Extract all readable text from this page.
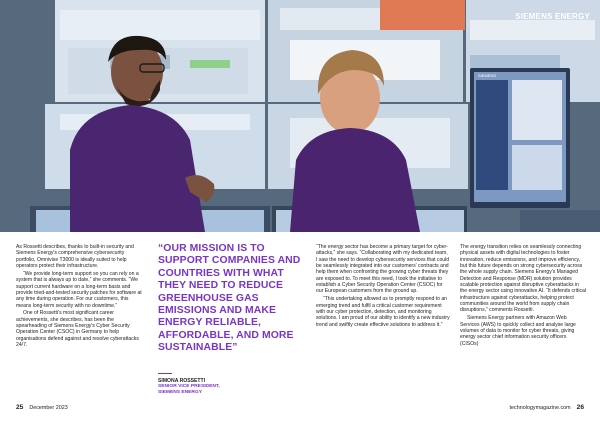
SIEMENS
SIEMENS ENERGY

As Rossetti describes, thanks to built-in security and Siemens Energy's comprehensive cybersecurity portfolio, Omnivise T3000 is ideally suited to help operators protect their infrastructure.

“We provide long-term support so you can rely on a system that is always up to date,” she comments. “We support current hardware on a long-term basis and provide tried-and-tested security patches for software at any time during operation. For our customers, this means long-term security with no downtime.”

One of Rossetti's most significant career achievements, she describes, has been the spearheading of Siemens Energy's Cyber Security Operation Center (CSOC) in Germany to help organisations defend against and resolve cyberattacks 24/7.

“OUR MISSION IS TO SUPPORT COMPANIES AND COUNTRIES WITH WHAT THEY NEED TO REDUCE GREENHOUSE GAS EMISSIONS AND MAKE ENERGY RELIABLE, AFFORDABLE, AND MORE SUSTAINABLE”
SIMONA ROSSETTI
SENIOR VICE PRESIDENT, SIEMENS ENERGY

“The energy sector has become a primary target for cyber-attacks,” she says. “Collaborating with my dedicated team, I saw the need to develop cybersecurity services that could be seamlessly integrated into our customers' contracts and help them when confronting the growing cyber threats they are exposed to. To meet this need, I took the initiative to establish a Cyber Security Operation Center (CSOC) for our European customers from the ground up.

“This undertaking allowed us to promptly respond to an emerging trend and fulfil a critical customer requirement with our cyber protection, detection, and monitoring solutions. I am proud of our ability to identify a new industry trend and swiftly create effective solutions to address it.”

The energy transition relies on seamlessly connecting physical assets with digital technologies to foster innovation, reduce emissions, and improve efficiency, but this future depends on strong cybersecurity across the whole supply chain. Siemens Energy's Managed Detection and Response (MDR) solution provides scalable protection against disruptive cyberattacks in the energy sector using innovative AI. “It defends critical infrastructure against cyberattacks, helping protect communities around the world from supply chain disruptions,” comments Rossetti.

Siemens Energy partners with Amazon Web Services (AWS) to quickly collect and analyse large volumes of data to monitor for cyber threats, giving energy sector chief information security officers (CISOs)

25 December 2023	technologymagazine.com 26
